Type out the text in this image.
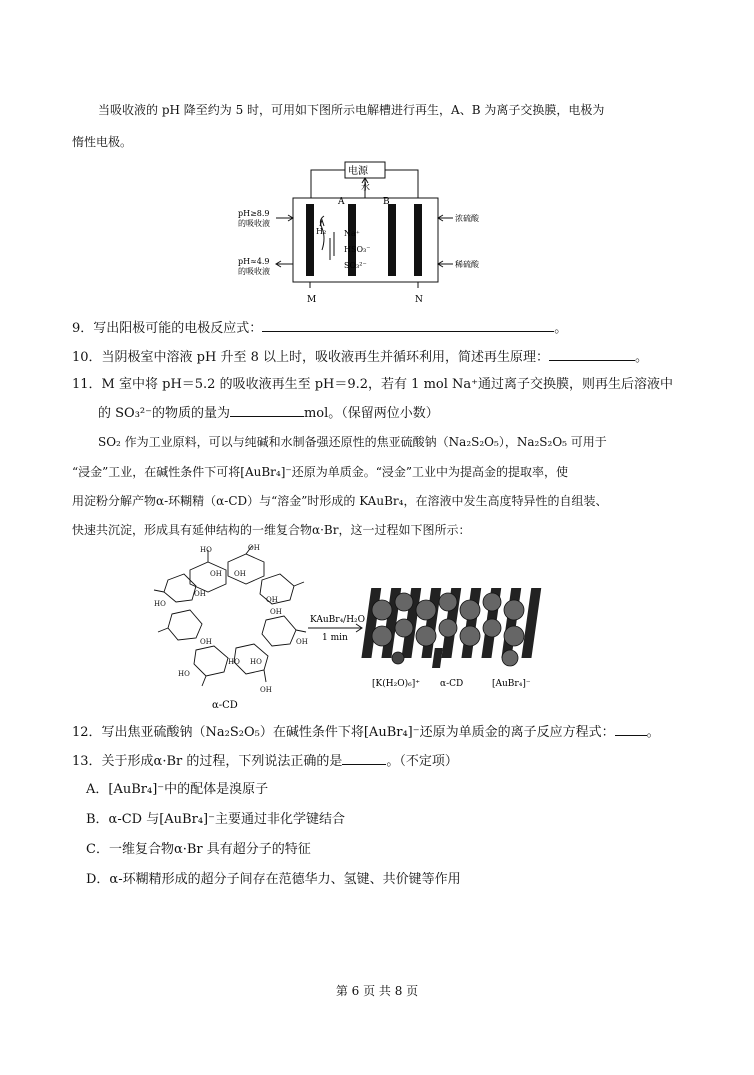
当吸收液的 pH 降至约为 5 时，可用如下图所示电解槽进行再生，A、B 为离子交换膜，电极为
惰性电极。
电源
水
A	B
pH≥8.9
的吸收液
pH≈4.9
的吸收液
H₂ Na⁺
HSO₃⁻
SO₃²⁻
浓硫酸
稀硫酸
M	N
9．写出阳极可能的电极反应式：	。
10．当阴极室中溶液 pH 升至 8 以上时，吸收液再生并循环利用，简述再生原理：	。
11．M 室中将 pH＝5.2 的吸收液再生至 pH＝9.2，若有 1 mol Na⁺通过离子交换膜，则再生后溶液中
的 SO₃²⁻的物质的量为	mol。（保留两位小数）
SO₂ 作为工业原料，可以与纯碱和水制备强还原性的焦亚硫酸钠（Na₂S₂O₅），Na₂S₂O₅ 可用于
“浸金”工业，在碱性条件下可将[AuBr₄]⁻还原为单质金。“浸金”工业中为提高金的提取率，使
用淀粉分解产物α-环糊精（α-CD）与“溶金”时形成的 KAuBr₄，在溶液中发生高度特异性的自组装、
快速共沉淀，形成具有延伸结构的一维复合物α·Br，这一过程如下图所示：
HO	OH
OH OH
OH
OH
HO
OH
OH
OH
HO HO
HO
OH
α-CD
KAuBr₄/H₂O
1 min
[K(H₂O)₆]⁺ α-CD	[AuBr₄]⁻
12．写出焦亚硫酸钠（Na₂S₂O₅）在碱性条件下将[AuBr₄]⁻还原为单质金的离子反应方程式： 。
13．关于形成α·Br 的过程，下列说法正确的是	。（不定项）
A．[AuBr₄]⁻中的配体是溴原子
B．α-CD 与[AuBr₄]⁻主要通过非化学键结合
C．一维复合物α·Br 具有超分子的特征
D．α-环糊精形成的超分子间存在范德华力、氢键、共价键等作用
第 6 页 共 8 页
